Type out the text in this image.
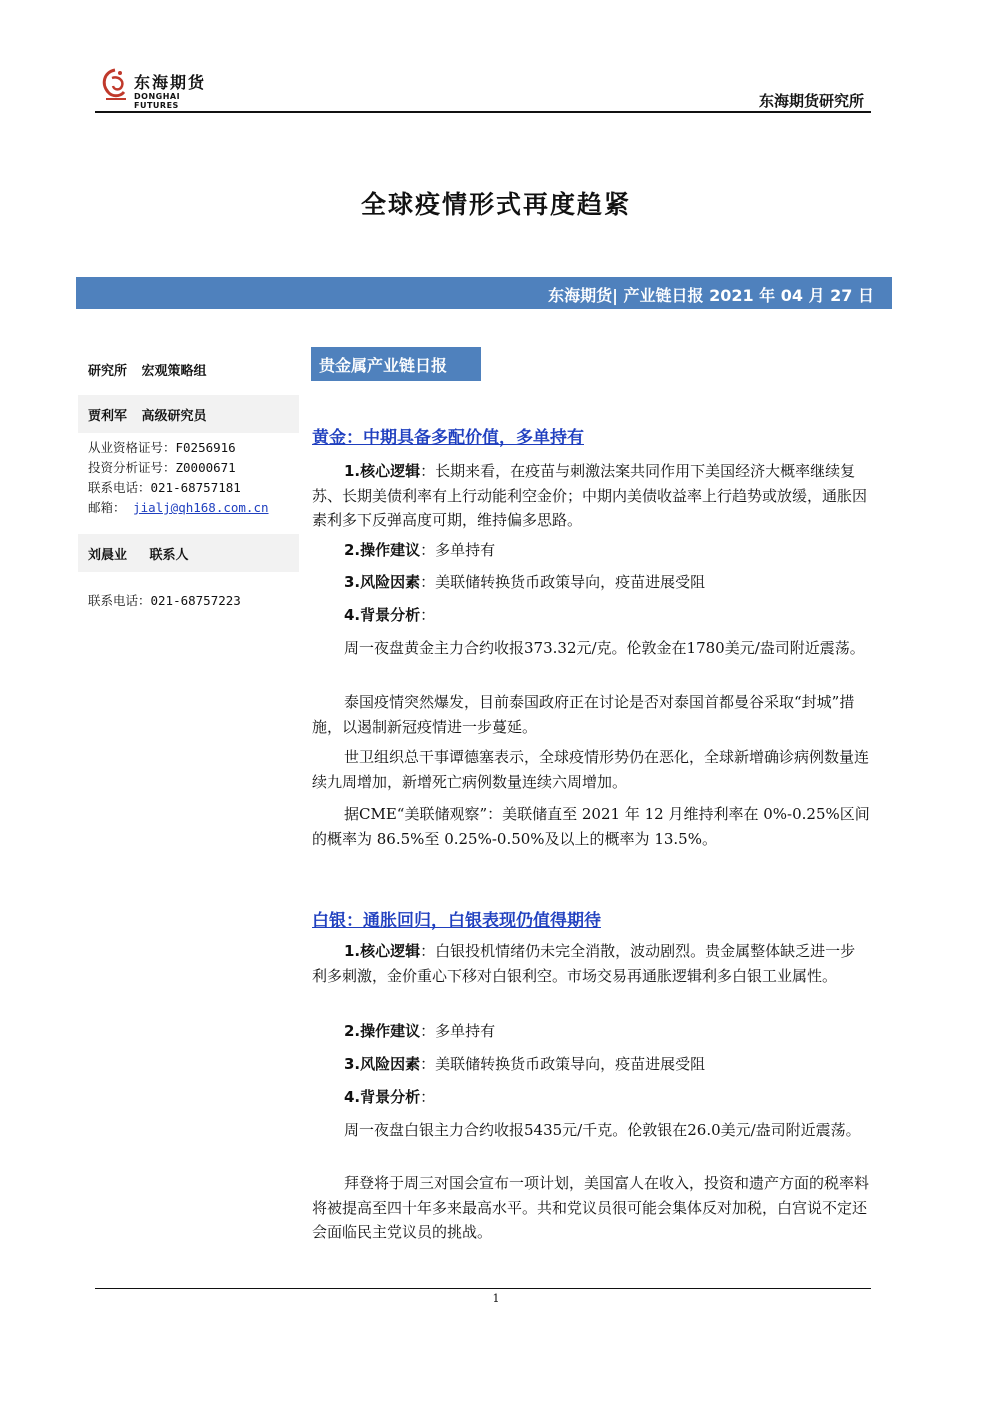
东海期货
DONGHAI FUTURES	东海期货研究所
全球疫情形式再度趋紧
东海期货| 产业链日报 2021 年 04 月 27 日
研究所 宏观策略组
贾利军 高级研究员
从业资格证号：F0256916
投资分析证号：Z0000671
联系电话：021-68757181
邮箱： jialj@qh168.com.cn
刘晨业 联系人
联系电话：021-68757223
贵金属产业链日报
黄金：中期具备多配价值，多单持有
1.核心逻辑：长期来看，在疫苗与刺激法案共同作用下美国经济大概率继续复苏、长期美债利率有上行动能利空金价；中期内美债收益率上行趋势或放缓，通胀因素利多下反弹高度可期，维持偏多思路。
2.操作建议：多单持有
3.风险因素：美联储转换货币政策导向，疫苗进展受阻
4.背景分析：
周一夜盘黄金主力合约收报373.32元/克。伦敦金在1780美元/盎司附近震荡。
泰国疫情突然爆发，目前泰国政府正在讨论是否对泰国首都曼谷采取“封城”措施，以遏制新冠疫情进一步蔓延。
世卫组织总干事谭德塞表示，全球疫情形势仍在恶化，全球新增确诊病例数量连续九周增加，新增死亡病例数量连续六周增加。
据CME“美联储观察”：美联储直至 2021 年 12 月维持利率在 0%-0.25%区间的概率为 86.5%至 0.25%-0.50%及以上的概率为 13.5%。
白银：通胀回归，白银表现仍值得期待
1.核心逻辑：白银投机情绪仍未完全消散，波动剧烈。贵金属整体缺乏进一步利多刺激，金价重心下移对白银利空。市场交易再通胀逻辑利多白银工业属性。
2.操作建议：多单持有
3.风险因素：美联储转换货币政策导向，疫苗进展受阻
4.背景分析：
周一夜盘白银主力合约收报5435元/千克。伦敦银在26.0美元/盎司附近震荡。
拜登将于周三对国会宣布一项计划，美国富人在收入，投资和遗产方面的税率料将被提高至四十年多来最高水平。共和党议员很可能会集体反对加税，白宫说不定还会面临民主党议员的挑战。
1
